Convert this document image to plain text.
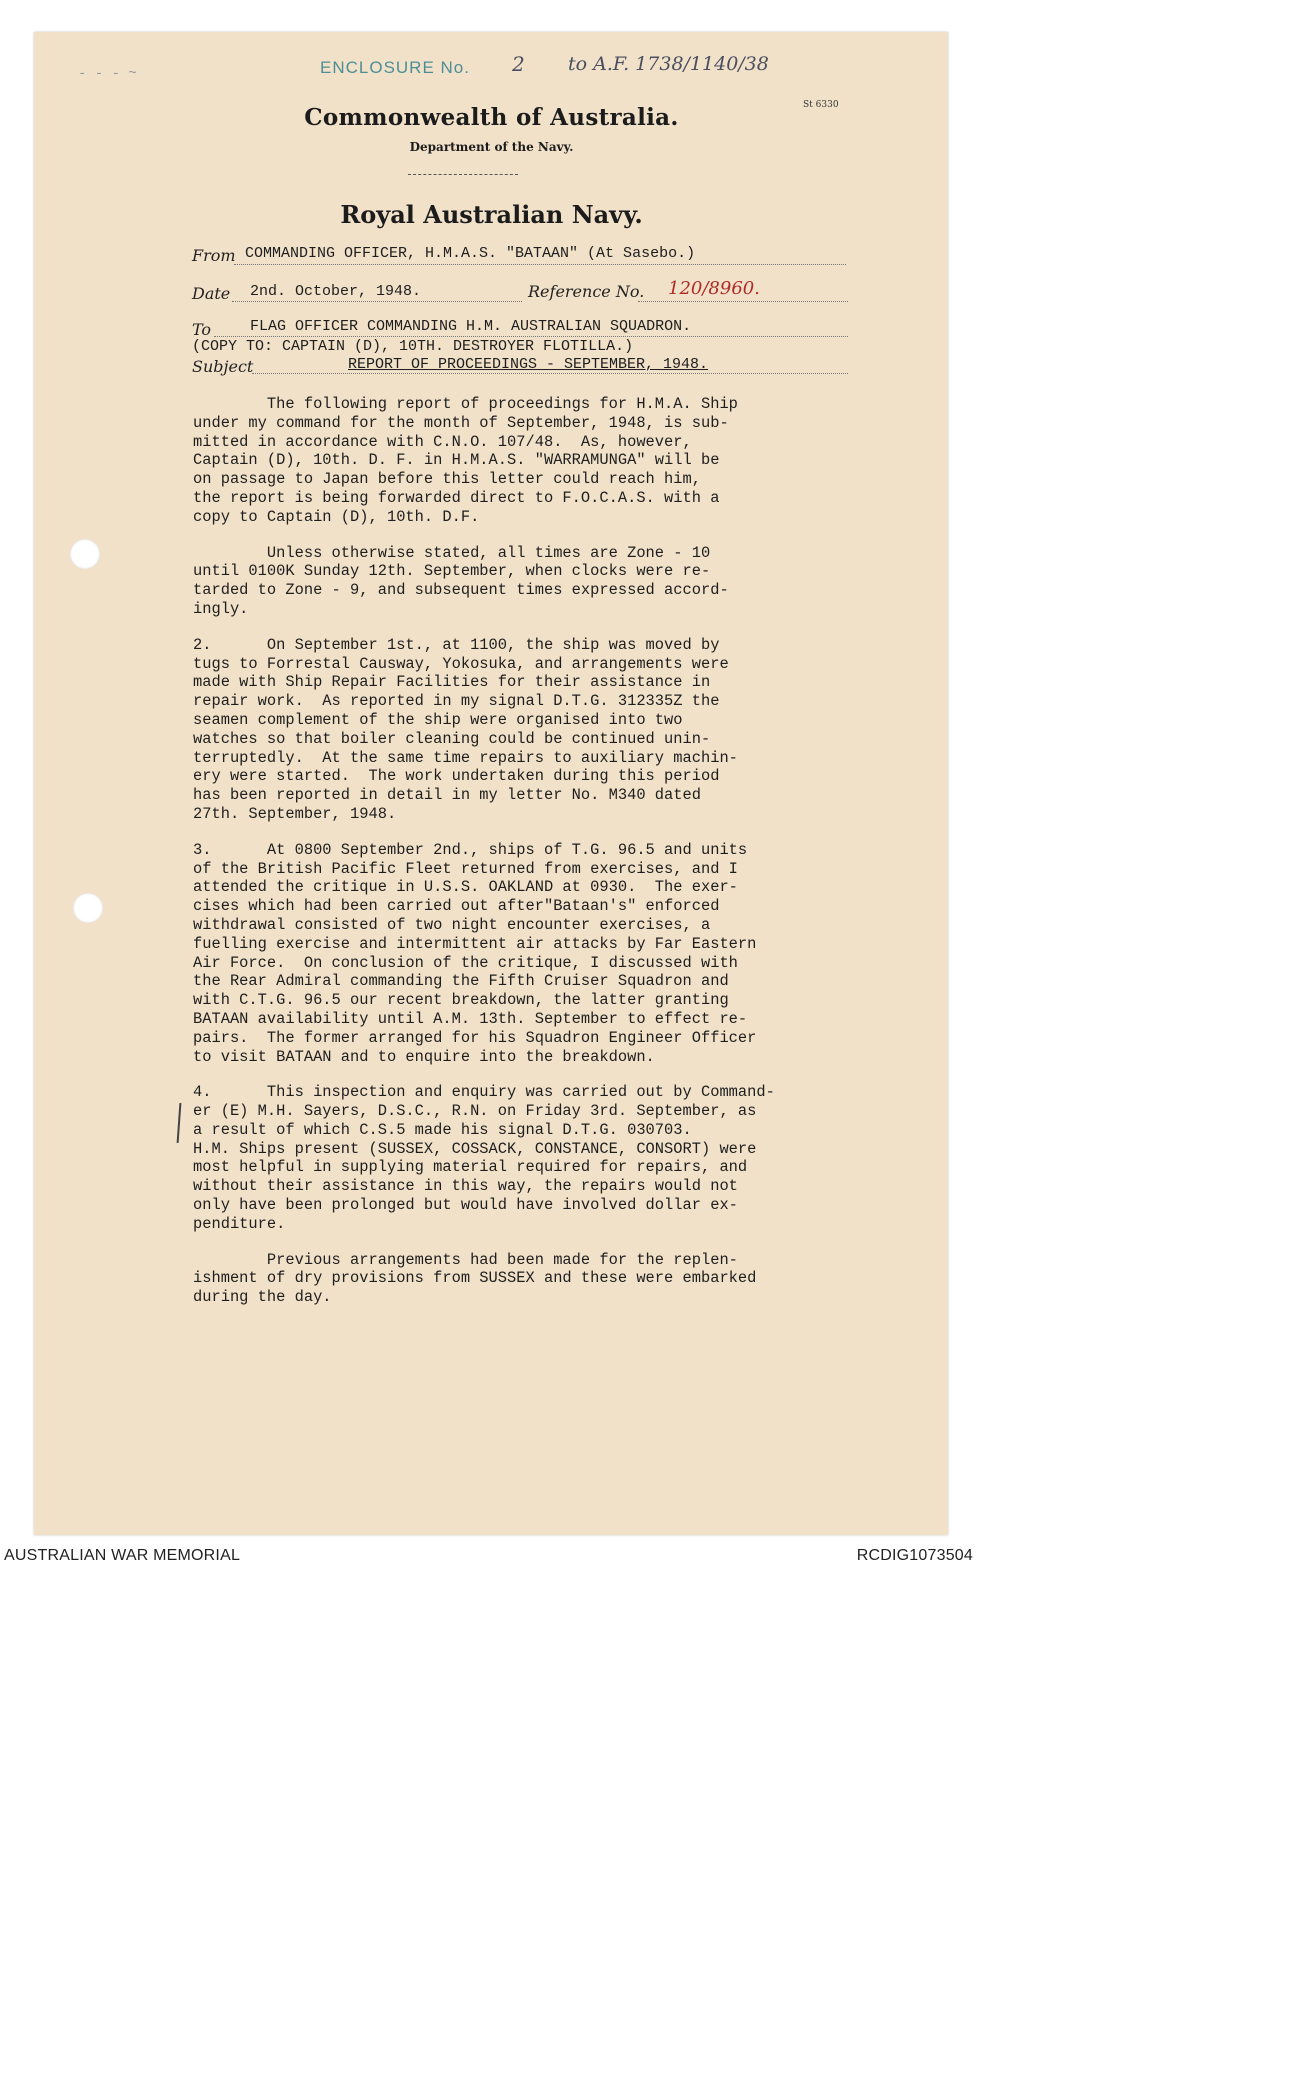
- - - ~	ENCLOSURE No. 2 to A.F. 1738/1140/38
St 6330
Commonwealth of Australia.
Department of the Navy.
Royal Australian Navy.
From COMMANDING OFFICER, H.M.A.S. "BATAAN" (At Sasebo.)
Date 2nd. October, 1948.	Reference No. 120/8960.
To	FLAG OFFICER COMMANDING H.M. AUSTRALIAN SQUADRON.
(COPY TO: CAPTAIN (D), 10TH. DESTROYER FLOTILLA.)
Subject	REPORT OF PROCEEDINGS - SEPTEMBER, 1948.

The following report of proceedings for H.M.A. Ship
under my command for the month of September, 1948, is sub-
mitted in accordance with C.N.O. 107/48.  As, however,
Captain (D), 10th. D. F. in H.M.A.S. "WARRAMUNGA" will be
on passage to Japan before this letter could reach him,
the report is being forwarded direct to F.O.C.A.S. with a
copy to Captain (D), 10th. D.F.

Unless otherwise stated, all times are Zone - 10
until 0100K Sunday 12th. September, when clocks were re-
tarded to Zone - 9, and subsequent times expressed accord-
ingly.

2.      On September 1st., at 1100, the ship was moved by
tugs to Forrestal Causway, Yokosuka, and arrangements were
made with Ship Repair Facilities for their assistance in
repair work.  As reported in my signal D.T.G. 312335Z the
seamen complement of the ship were organised into two
watches so that boiler cleaning could be continued unin-
terruptedly.  At the same time repairs to auxiliary machin-
ery were started.  The work undertaken during this period
has been reported in detail in my letter No. M340 dated
27th. September, 1948.

3.      At 0800 September 2nd., ships of T.G. 96.5 and units
of the British Pacific Fleet returned from exercises, and I
attended the critique in U.S.S. OAKLAND at 0930.  The exer-
cises which had been carried out after"Bataan's" enforced
withdrawal consisted of two night encounter exercises, a
fuelling exercise and intermittent air attacks by Far Eastern
Air Force.  On conclusion of the critique, I discussed with
the Rear Admiral commanding the Fifth Cruiser Squadron and
with C.T.G. 96.5 our recent breakdown, the latter granting
BATAAN availability until A.M. 13th. September to effect re-
pairs.  The former arranged for his Squadron Engineer Officer
to visit BATAAN and to enquire into the breakdown.

4.      This inspection and enquiry was carried out by Command-
er (E) M.H. Sayers, D.S.C., R.N. on Friday 3rd. September, as
a result of which C.S.5 made his signal D.T.G. 030703.
H.M. Ships present (SUSSEX, COSSACK, CONSTANCE, CONSORT) were
most helpful in supplying material required for repairs, and
without their assistance in this way, the repairs would not
only have been prolonged but would have involved dollar ex-
penditure.

Previous arrangements had been made for the replen-
ishment of dry provisions from SUSSEX and these were embarked
during the day.

AUSTRALIAN WAR MEMORIAL	RCDIG1073504
